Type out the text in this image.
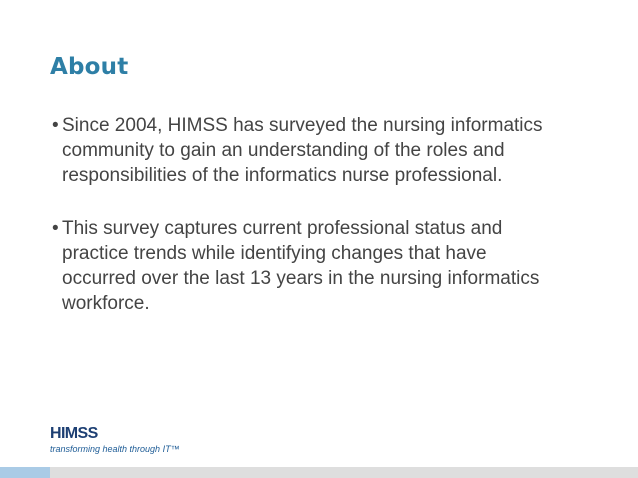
About
• Since 2004, HIMSS has surveyed the nursing informatics community to gain an understanding of the roles and responsibilities of the informatics nurse professional.
• This survey captures current professional status and practice trends while identifying changes that have occurred over the last 13 years in the nursing informatics workforce.
HIMSS
transforming health through IT™
